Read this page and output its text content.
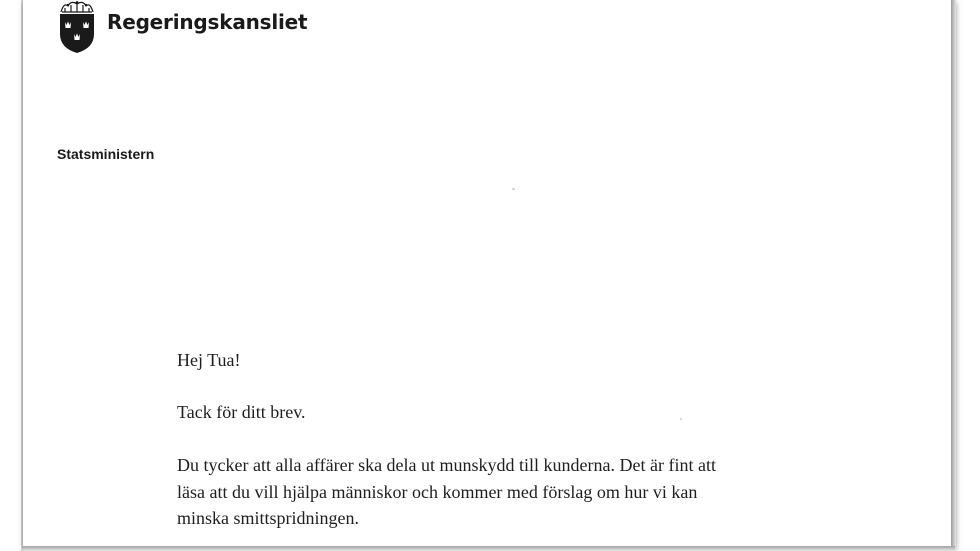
Regeringskansliet
Statsministern

Hej Tua!

Tack för ditt brev.

Du tycker att alla affärer ska dela ut munskydd till kunderna. Det är fint att
läsa att du vill hjälpa människor och kommer med förslag om hur vi kan
minska smittspridningen.
